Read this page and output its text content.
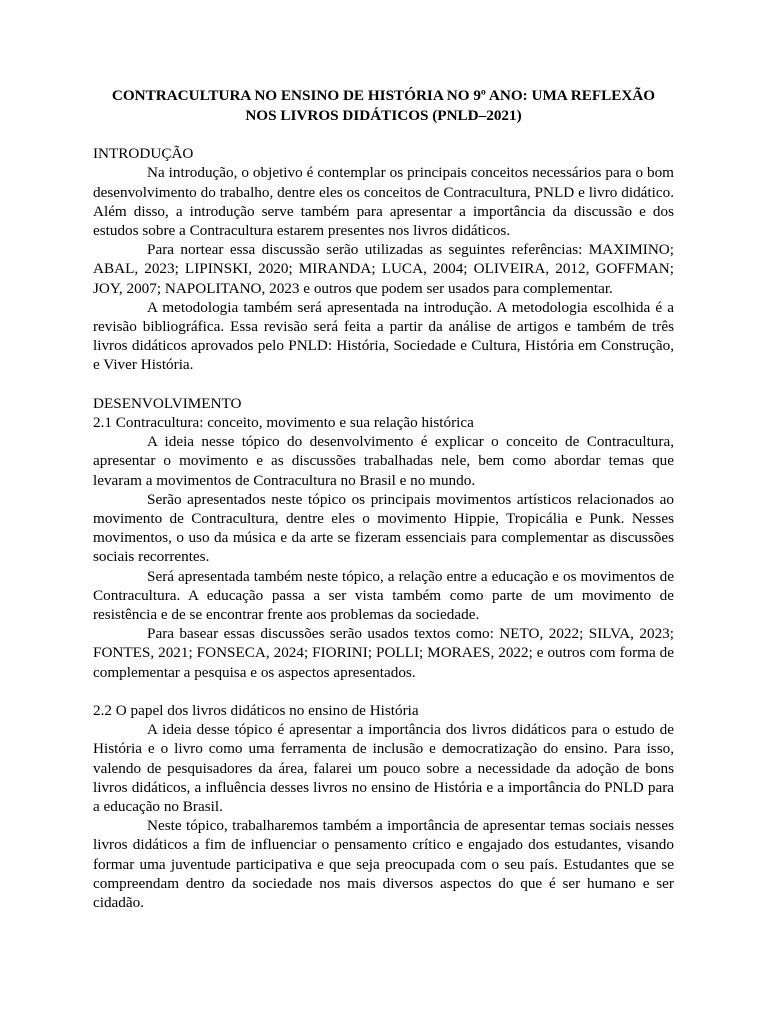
CONTRACULTURA NO ENSINO DE HISTÓRIA NO 9º ANO: UMA REFLEXÃO NOS LIVROS DIDÁTICOS (PNLD–2021)
INTRODUÇÃO

Na introdução, o objetivo é contemplar os principais conceitos necessários para o bom desenvolvimento do trabalho, dentre eles os conceitos de Contracultura, PNLD e livro didático. Além disso, a introdução serve também para apresentar a importância da discussão e dos estudos sobre a Contracultura estarem presentes nos livros didáticos.

Para nortear essa discussão serão utilizadas as seguintes referências: MAXIMINO; ABAL, 2023; LIPINSKI, 2020; MIRANDA; LUCA, 2004; OLIVEIRA, 2012, GOFFMAN; JOY, 2007; NAPOLITANO, 2023 e outros que podem ser usados para complementar.

A metodologia também será apresentada na introdução. A metodologia escolhida é a revisão bibliográfica. Essa revisão será feita a partir da análise de artigos e também de três livros didáticos aprovados pelo PNLD: História, Sociedade e Cultura, História em Construção, e Viver História.

DESENVOLVIMENTO
2.1 Contracultura: conceito, movimento e sua relação histórica

A ideia nesse tópico do desenvolvimento é explicar o conceito de Contracultura, apresentar o movimento e as discussões trabalhadas nele, bem como abordar temas que levaram a movimentos de Contracultura no Brasil e no mundo.

Serão apresentados neste tópico os principais movimentos artísticos relacionados ao movimento de Contracultura, dentre eles o movimento Hippie, Tropicália e Punk. Nesses movimentos, o uso da música e da arte se fizeram essenciais para complementar as discussões sociais recorrentes.

Será apresentada também neste tópico, a relação entre a educação e os movimentos de Contracultura. A educação passa a ser vista também como parte de um movimento de resistência e de se encontrar frente aos problemas da sociedade.

Para basear essas discussões serão usados textos como: NETO, 2022; SILVA, 2023; FONTES, 2021; FONSECA, 2024; FIORINI; POLLI; MORAES, 2022; e outros com forma de complementar a pesquisa e os aspectos apresentados.

2.2 O papel dos livros didáticos no ensino de História

A ideia desse tópico é apresentar a importância dos livros didáticos para o estudo de História e o livro como uma ferramenta de inclusão e democratização do ensino. Para isso, valendo de pesquisadores da área, falarei um pouco sobre a necessidade da adoção de bons livros didáticos, a influência desses livros no ensino de História e a importância do PNLD para a educação no Brasil.

Neste tópico, trabalharemos também a importância de apresentar temas sociais nesses livros didáticos a fim de influenciar o pensamento crítico e engajado dos estudantes, visando formar uma juventude participativa e que seja preocupada com o seu país. Estudantes que se compreendam dentro da sociedade nos mais diversos aspectos do que é ser humano e ser cidadão.
